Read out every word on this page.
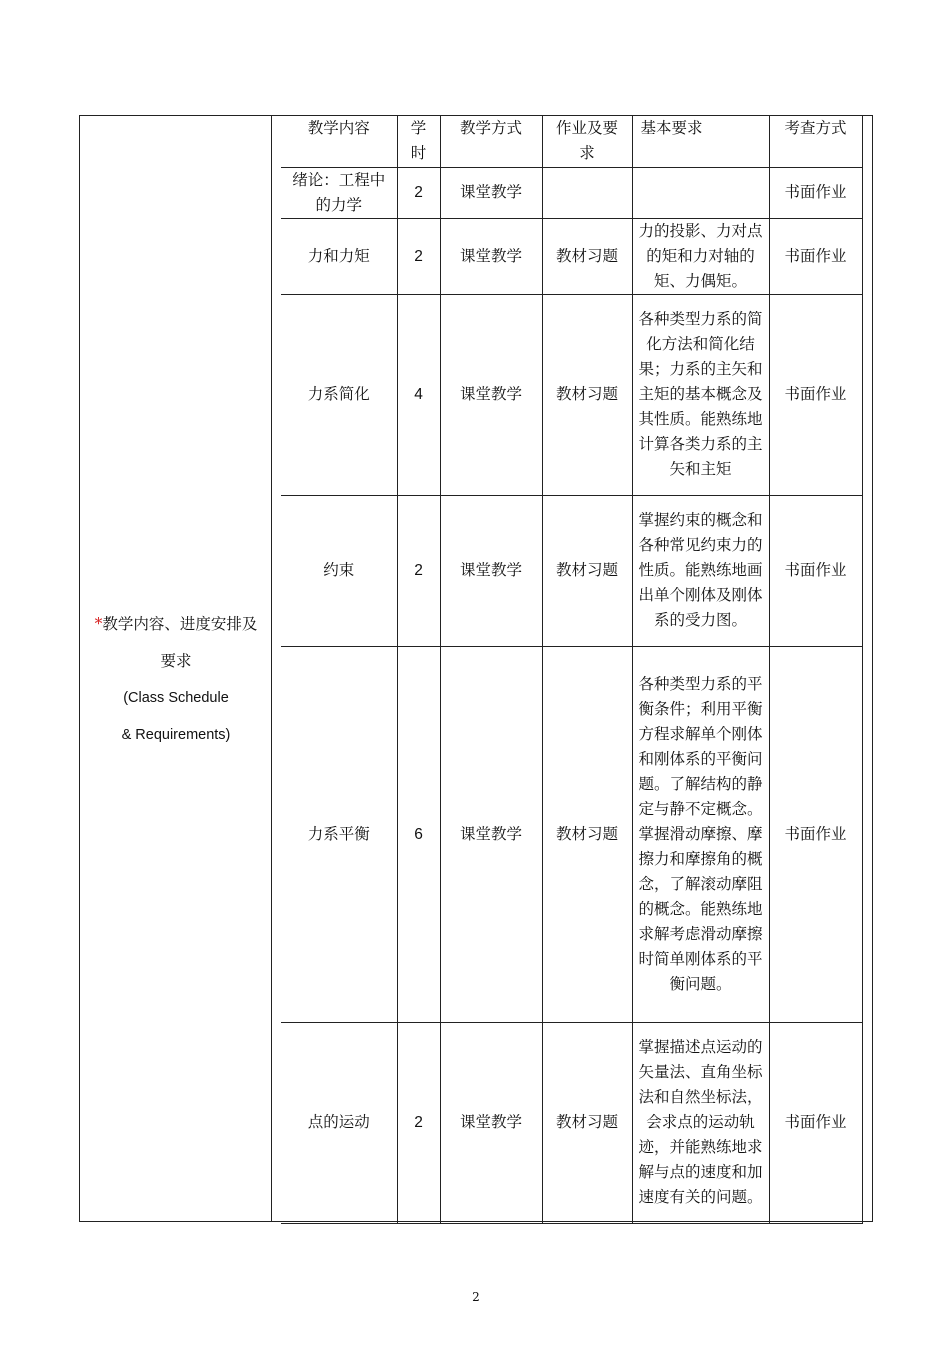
*教学内容、进度安排及
要求
(Class Schedule
& Requirements)
教学内容	学时	教学方式	作业及要求	基本要求	考查方式
绪论：工程中的力学	2	课堂教学			书面作业
力和力矩	2	课堂教学	教材习题	力的投影、力对点的矩和力对轴的矩、力偶矩。	书面作业
力系简化	4	课堂教学	教材习题	各种类型力系的简化方法和简化结果；力系的主矢和主矩的基本概念及其性质。能熟练地计算各类力系的主矢和主矩	书面作业
约束	2	课堂教学	教材习题	掌握约束的概念和各种常见约束力的性质。能熟练地画出单个刚体及刚体系的受力图。	书面作业
力系平衡	6	课堂教学	教材习题	各种类型力系的平衡条件；利用平衡方程求解单个刚体和刚体系的平衡问题。了解结构的静定与静不定概念。掌握滑动摩擦、摩擦力和摩擦角的概念，了解滚动摩阻的概念。能熟练地求解考虑滑动摩擦时简单刚体系的平衡问题。	书面作业
点的运动	2	课堂教学	教材习题	掌握描述点运动的矢量法、直角坐标法和自然坐标法，会求点的运动轨迹，并能熟练地求解与点的速度和加速度有关的问题。	书面作业
2
